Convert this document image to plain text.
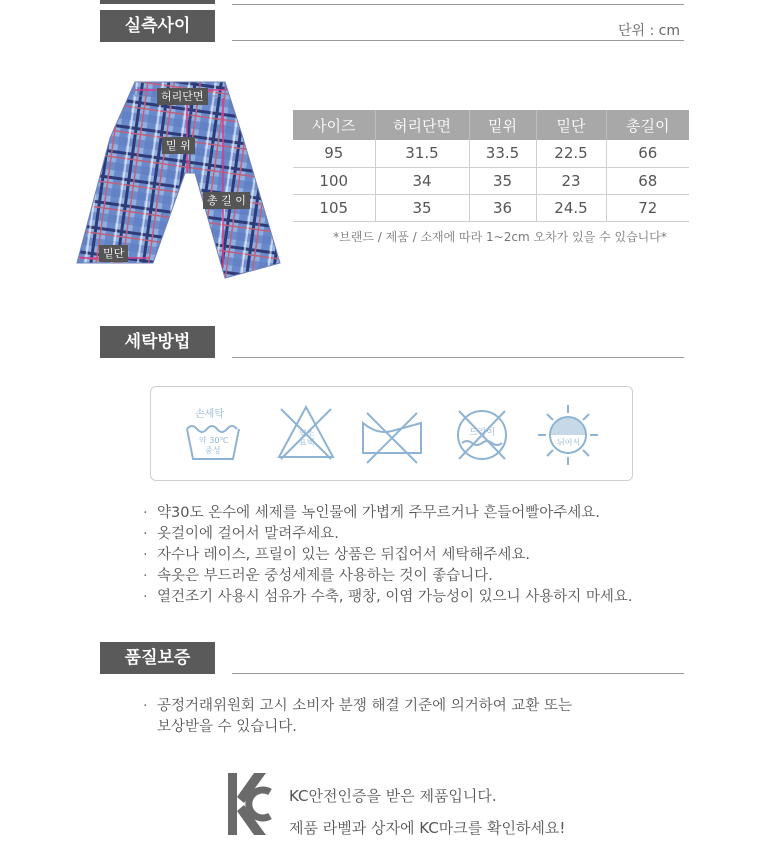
실측사이즈
단위 : cm
허리단면
밑 위
총 길 이
밑단
사이즈	허리단면	밑위	밑단	총길이
95	31.5	33.5	22.5	66
100	34	35	23	68
105	35	36	24.5	72
*브랜드 / 제품 / 소재에 따라 1~2cm 오차가 있을 수 있습니다*
세탁방법
손세탁
약 30℃
중성
염소
표백
드라이
뉘어서
· 약30도 온수에 세제를 녹인물에 가볍게 주무르거나 흔들어빨아주세요.
· 옷걸이에 걸어서 말려주세요.
· 자수나 레이스, 프릴이 있는 상품은 뒤집어서 세탁해주세요.
· 속옷은 부드러운 중성세제를 사용하는 것이 좋습니다.
· 열건조기 사용시 섬유가 수축, 팽창, 이염 가능성이 있으니 사용하지 마세요.
품질보증
· 공정거래위원회 고시 소비자 분쟁 해결 기준에 의거하여 교환 또는
보상받을 수 있습니다.
KC안전인증을 받은 제품입니다.
제품 라벨과 상자에 KC마크를 확인하세요!
